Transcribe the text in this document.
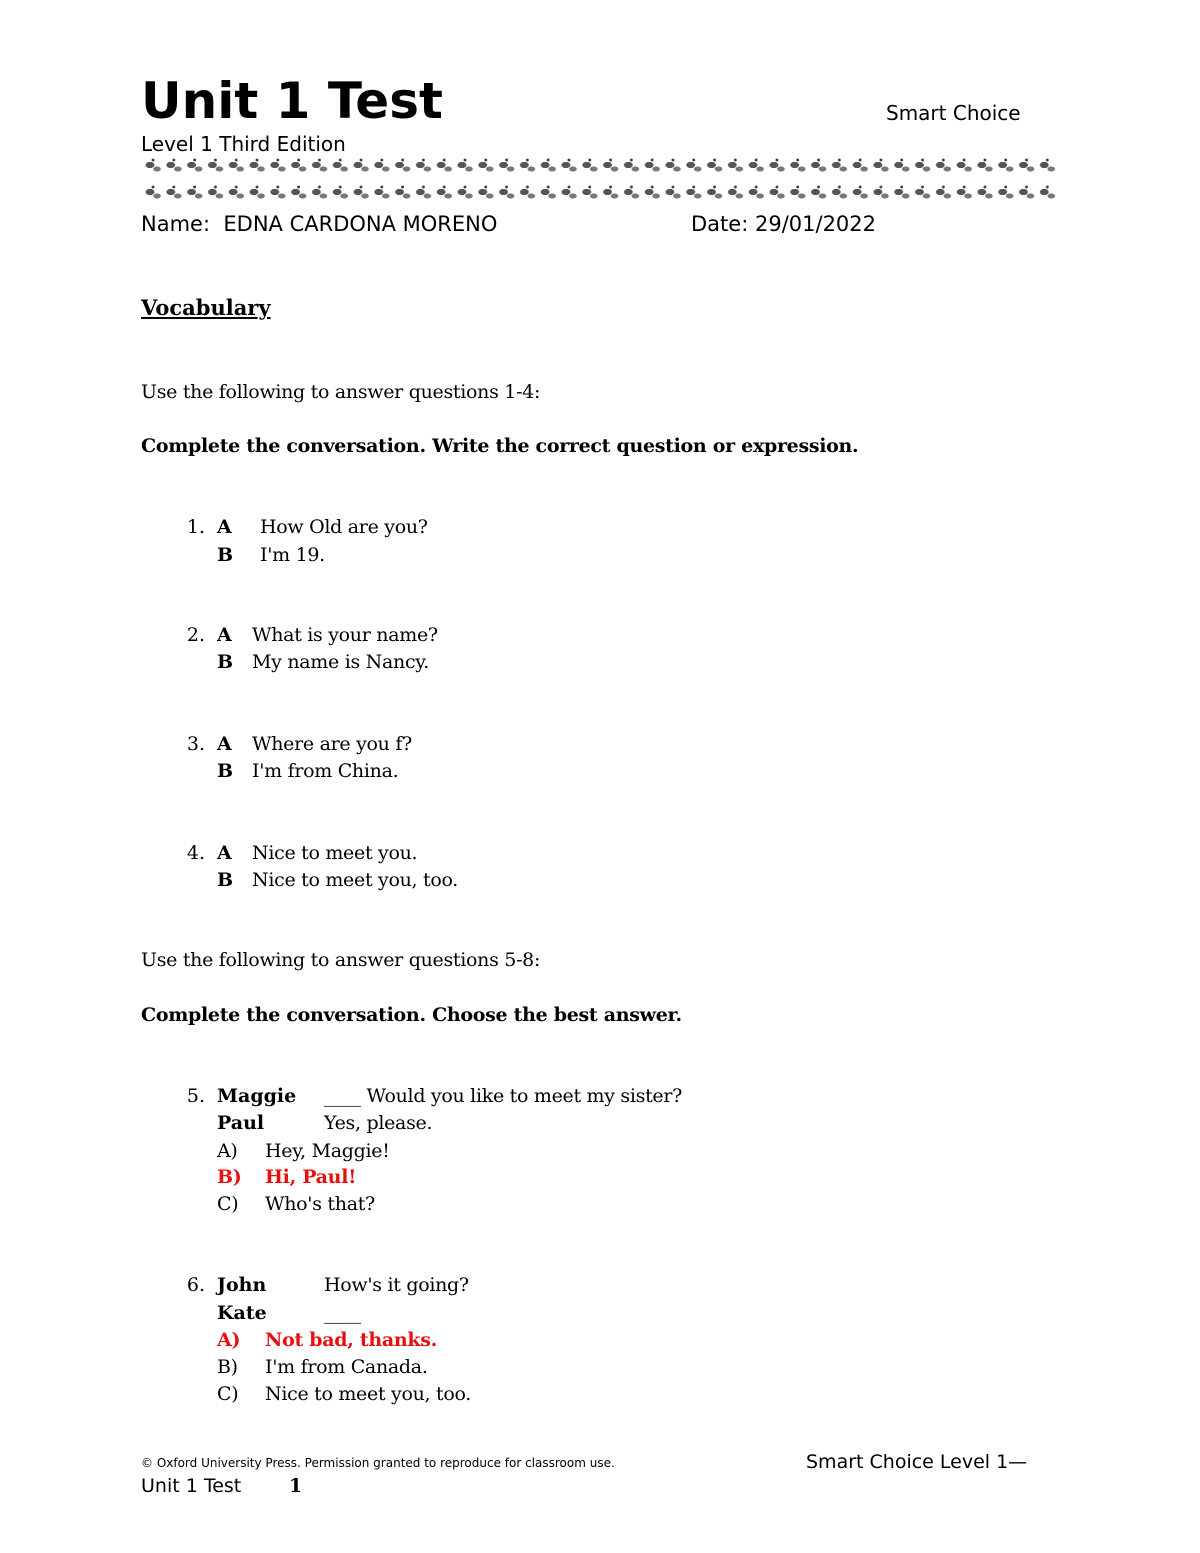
Unit 1 Test	Smart Choice
Level 1 Third Edition
Name: EDNA CARDONA MORENO	Date: 29/01/2022
Vocabulary
Use the following to answer questions 1-4:
Complete the conversation. Write the correct question or expression.
1. A How Old are you?
B I'm 19.
2. A What is your name?
B My name is Nancy.
3. A Where are you f?
B I'm from China.
4. A Nice to meet you.
B Nice to meet you, too.
Use the following to answer questions 5-8:
Complete the conversation. Choose the best answer.
5. Maggie ____ Would you like to meet my sister?
Paul	Yes, please.
A) Hey, Maggie!
B) Hi, Paul!
C) Who's that?
6. John	How's it going?
Kate	____
A) Not bad, thanks.
B) I'm from Canada.
C) Nice to meet you, too.
© Oxford University Press. Permission granted to reproduce for classroom use.	Smart Choice Level 1—
Unit 1 Test	1
